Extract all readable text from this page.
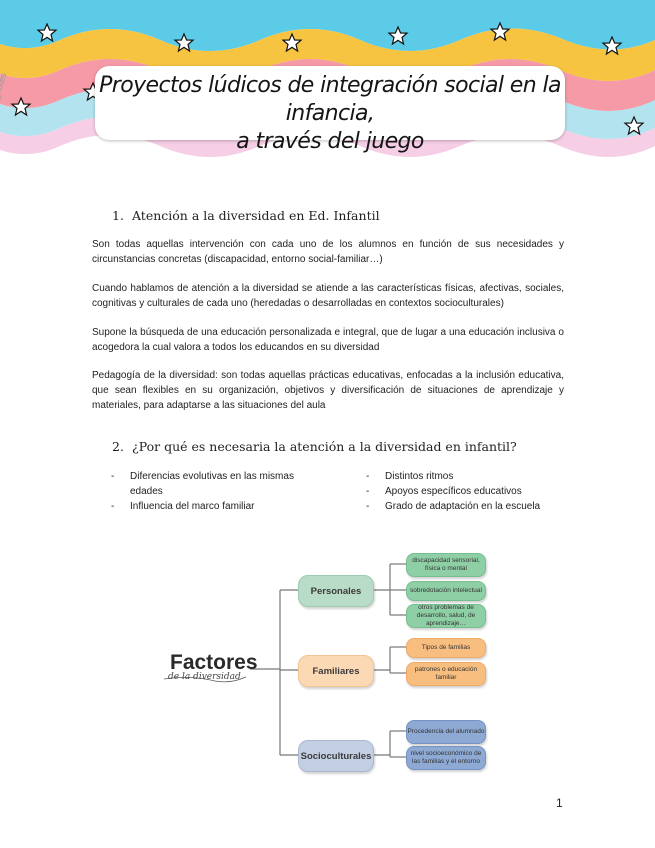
Proyectos lúdicos de integración social en la infancia,
a través del juego
1. Atención a la diversidad en Ed. Infantil
Son todas aquellas intervención con cada uno de los alumnos en función de sus necesidades y circunstancias concretas (discapacidad, entorno social-familiar…)
Cuando hablamos de atención a la diversidad se atiende a las características físicas, afectivas, sociales, cognitivas y culturales de cada uno (heredadas o desarrolladas en contextos socioculturales)
Supone la búsqueda de una educación personalizada e integral, que de lugar a una educación inclusiva o acogedora la cual valora a todos los educandos en su diversidad
Pedagogía de la diversidad: son todas aquellas prácticas educativas, enfocadas a la inclusión educativa, que sean flexibles en su organización, objetivos y diversificación de situaciones de aprendizaje y materiales, para adaptarse a las situaciones del aula
2. ¿Por qué es necesaria la atención a la diversidad en infantil?
- Diferencias evolutivas en las mismas edades
- Influencia del marco familiar
- Distintos ritmos
- Apoyos específicos educativos
- Grado de adaptación en la escuela
Factores
de la diversidad
Personales
Familiares
Socioculturales
discapacidad sensorial, física o mental
sobredotación intelectual
otros problemas de desarrollo, salud, de aprendizaje…
Tipos de familias
patrones o educación familiar
Procedencia del alumnado
nivel socioeconómico de las familias y el entorno
1
